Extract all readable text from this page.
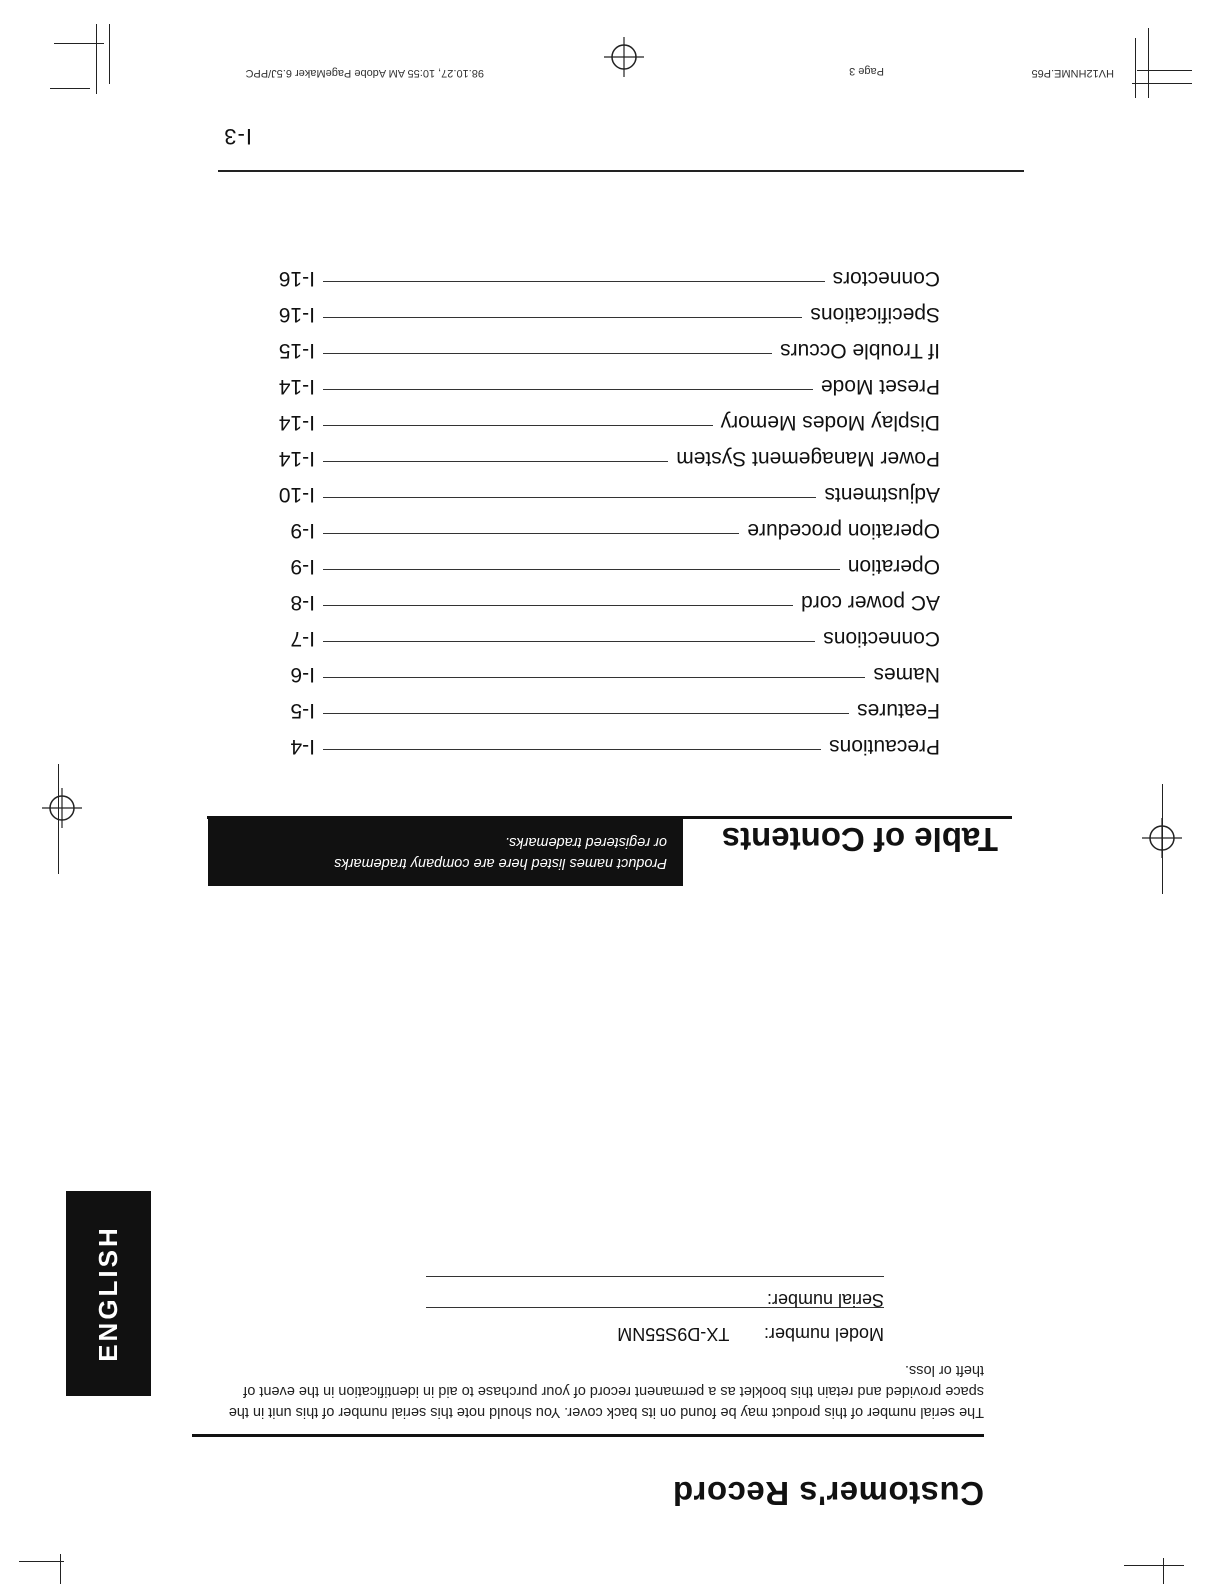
HV12HNME.P65
Page 3
98.10.27, 10:55 AM Adobe PageMaker 6.5J/PPC
I-3
Customer's Record
The serial number of this product may be found on its back cover. You should note this serial number of this unit in the space provided and retain this booklet as a permanent record of your purchase to aid in identification in the event of theft or loss.
Model number: TX-D9S55NM
Serial number:
ENGLISH
Table of Contents
Product names listed here are company trademarks
or registered trademarks.
Precautions
I-4
Features
I-5
Names
I-6
Connections
I-7
AC power cord
I-8
Operation
I-9
Operation procedure
I-9
Adjustments
I-10
Power Management System
I-14
Display Modes Memory
I-14
Preset Mode
I-14
If Trouble Occurs
I-15
Specifications
I-16
Connectors
I-16
